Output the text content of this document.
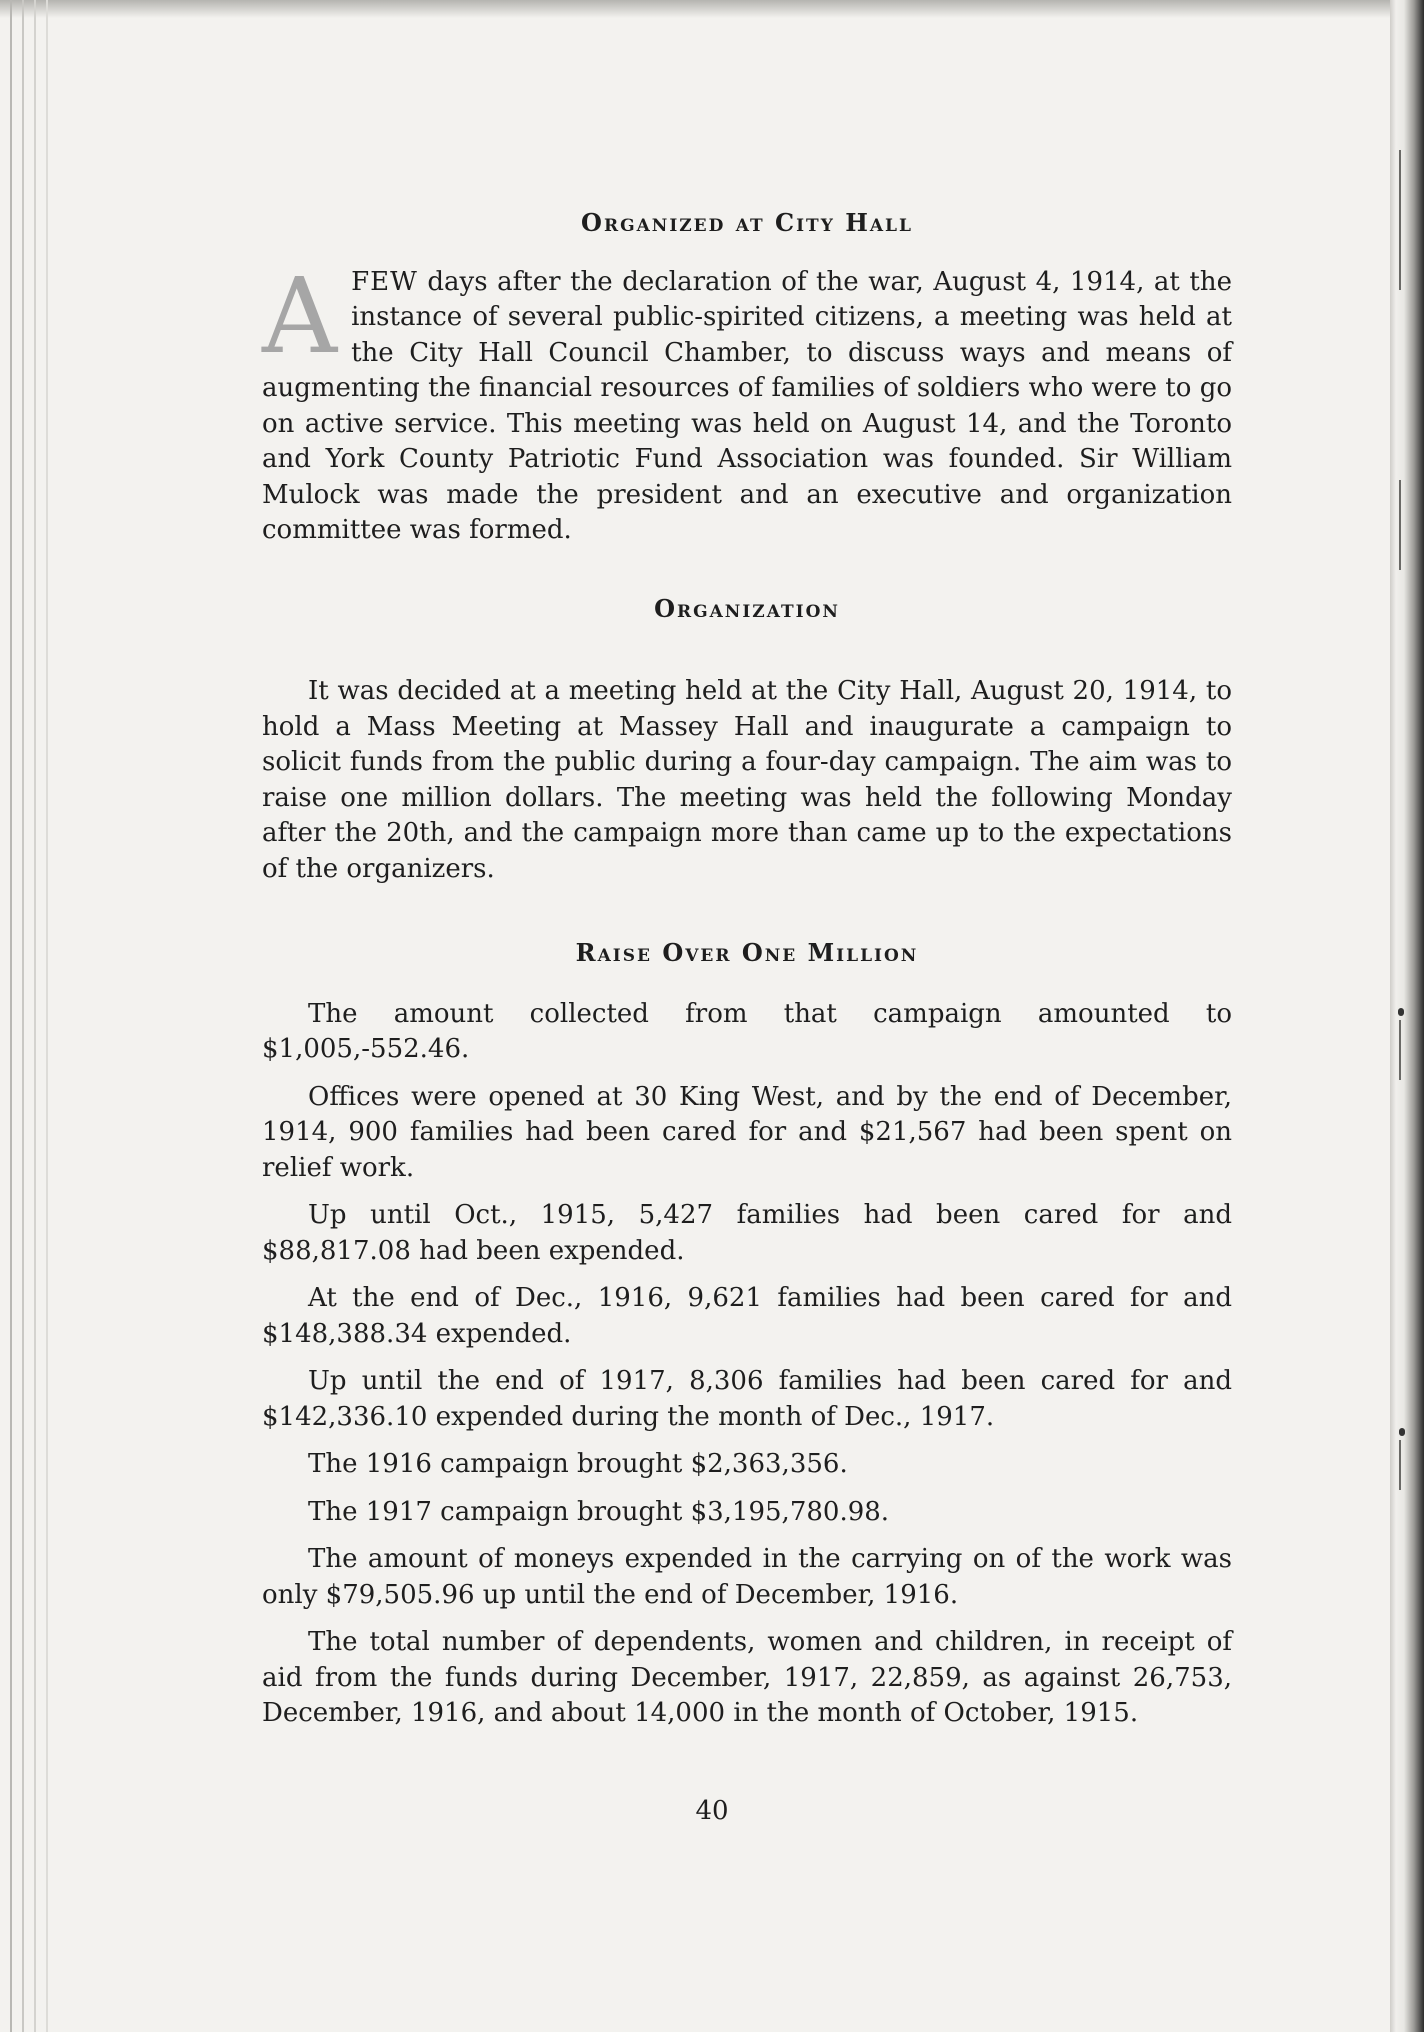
Organized at City Hall

AFEW days after the declaration of the war, August 4, 1914, at the instance of several public-spirited citizens, a meeting was held at the City Hall Council Chamber, to discuss ways and means of augmenting the financial resources of families of soldiers who were to go on active service. This meeting was held on August 14, and the Toronto and York County Patriotic Fund Association was founded. Sir William Mulock was made the president and an executive and organization committee was formed.

Organization

It was decided at a meeting held at the City Hall, August 20, 1914, to hold a Mass Meeting at Massey Hall and inaugurate a campaign to solicit funds from the public during a four-day campaign. The aim was to raise one million dollars. The meeting was held the following Monday after the 20th, and the campaign more than came up to the expectations of the organizers.

Raise Over One Million

The amount collected from that campaign amounted to $1,005,-552.46.

Offices were opened at 30 King West, and by the end of December, 1914, 900 families had been cared for and $21,567 had been spent on relief work.

Up until Oct., 1915, 5,427 families had been cared for and $88,817.08 had been expended.

At the end of Dec., 1916, 9,621 families had been cared for and $148,388.34 expended.

Up until the end of 1917, 8,306 families had been cared for and $142,336.10 expended during the month of Dec., 1917.

The 1916 campaign brought $2,363,356.

The 1917 campaign brought $3,195,780.98.

The amount of moneys expended in the carrying on of the work was only $79,505.96 up until the end of December, 1916.

The total number of dependents, women and children, in receipt of aid from the funds during December, 1917, 22,859, as against 26,753, December, 1916, and about 14,000 in the month of October, 1915.

40
